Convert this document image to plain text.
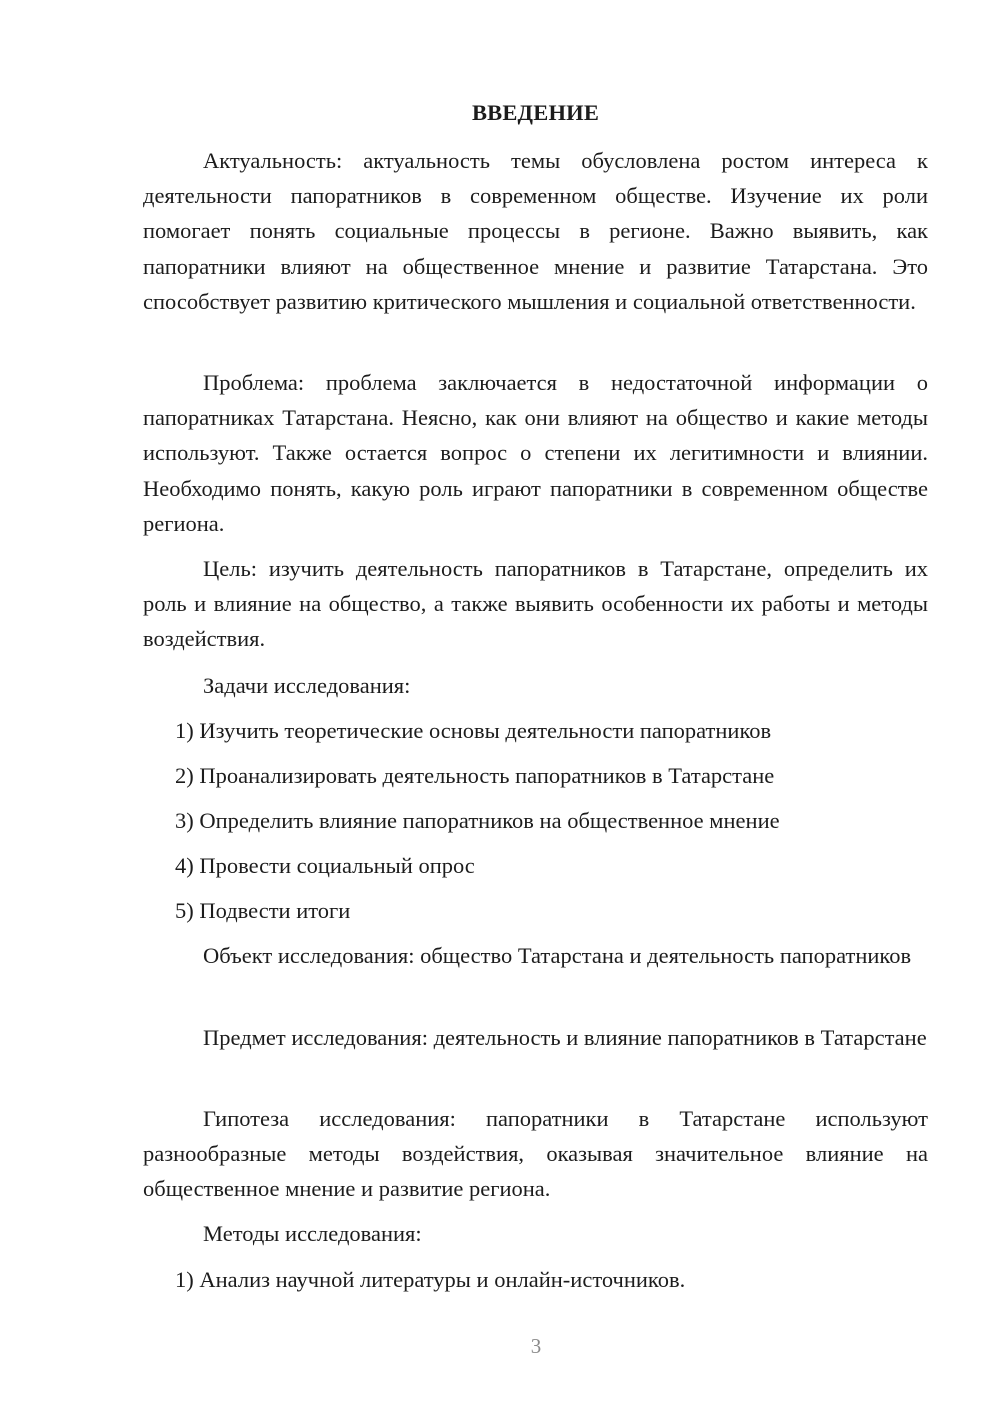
ВВЕДЕНИЕ

Актуальность: актуальность темы обусловлена ростом интереса к деятельности папоратников в современном обществе. Изучение их роли помогает понять социальные процессы в регионе. Важно выявить, как папоратники влияют на общественное мнение и развитие Татарстана. Это способствует развитию критического мышления и социальной ответственности.

Проблема: проблема заключается в недостаточной информации о папоратниках Татарстана. Неясно, как они влияют на общество и какие методы используют. Также остается вопрос о степени их легитимности и влиянии. Необходимо понять, какую роль играют папоратники в современном обществе региона.

Цель: изучить деятельность папоратников в Татарстане, определить их роль и влияние на общество, а также выявить особенности их работы и методы воздействия.

Задачи исследования:

1) Изучить теоретические основы деятельности папоратников

2) Проанализировать деятельность папоратников в Татарстане

3) Определить влияние папоратников на общественное мнение

4) Провести социальный опрос

5) Подвести итоги

Объект исследования: общество Татарстана и деятельность папоратников

Предмет исследования: деятельность и влияние папоратников в Татарстане

Гипотеза исследования: папоратники в Татарстане используют разнообразные методы воздействия, оказывая значительное влияние на общественное мнение и развитие региона.

Методы исследования:

1) Анализ научной литературы и онлайн-источников.

3
